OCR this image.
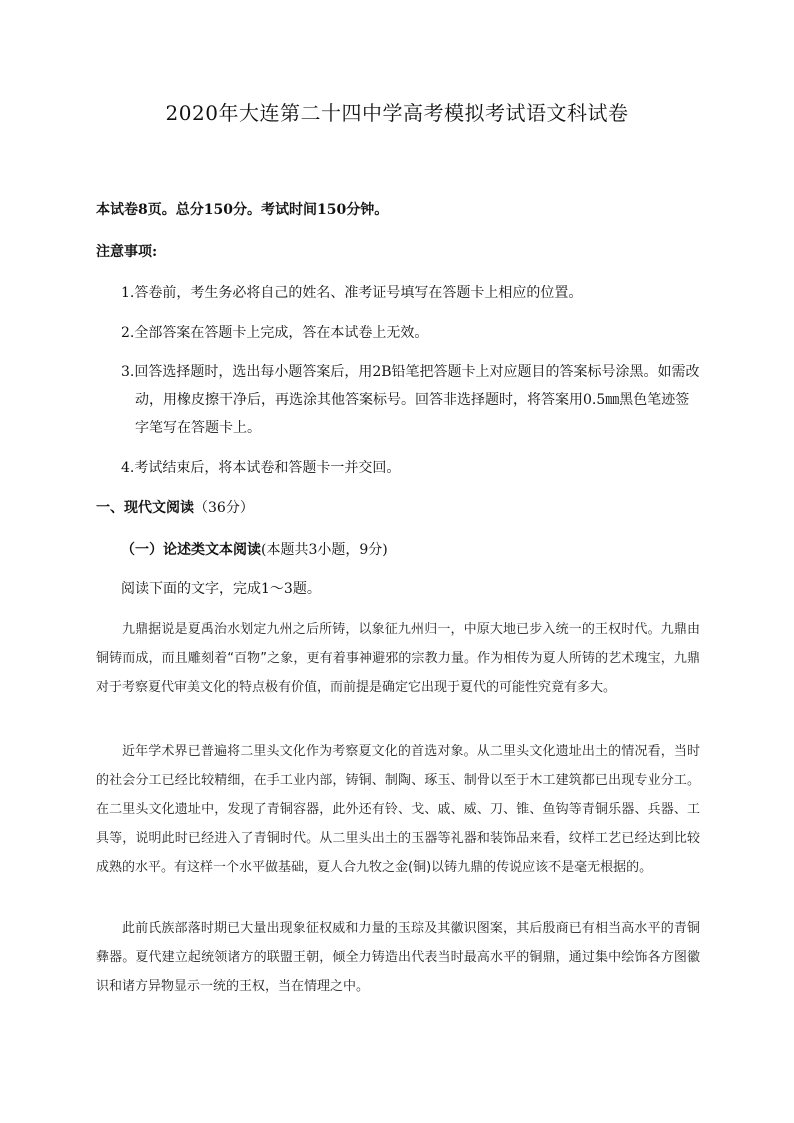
2020年大连第二十四中学高考模拟考试语文科试卷
本试卷8页。总分150分。考试时间150分钟。
注意事项:
1.答卷前，考生务必将自己的姓名、准考证号填写在答题卡上相应的位置。
2.全部答案在答题卡上完成，答在本试卷上无效。
3.回答选择题时，选出每小题答案后，用2B铅笔把答题卡上对应题目的答案标号涂黑。如需改
动，用橡皮擦干净后，再选涂其他答案标号。回答非选择题时，将答案用0.5㎜黑色笔迹签
字笔写在答题卡上。
4.考试结束后，将本试卷和答题卡一并交回。
一、现代文阅读（36分）
（一）论述类文本阅读(本题共3小题，9分)
阅读下面的文字，完成1～3题。

九鼎据说是夏禹治水划定九州之后所铸，以象征九州归一，中原大地已步入统一的王权时代。九鼎由铜铸而成，而且雕刻着“百物”之象，更有着事神避邪的宗教力量。作为相传为夏人所铸的艺术瑰宝，九鼎对于考察夏代审美文化的特点极有价值，而前提是确定它出现于夏代的可能性究竟有多大。

近年学术界已普遍将二里头文化作为考察夏文化的首选对象。从二里头文化遗址出土的情况看，当时的社会分工已经比较精细，在手工业内部，铸铜、制陶、琢玉、制骨以至于木工建筑都已出现专业分工。在二里头文化遗址中，发现了青铜容器，此外还有铃、戈、戚、威、刀、锥、鱼钩等青铜乐器、兵器、工具等，说明此时已经进入了青铜时代。从二里头出土的玉器等礼器和装饰品来看，纹样工艺已经达到比较成熟的水平。有这样一个水平做基础，夏人合九牧之金(铜)以铸九鼎的传说应该不是毫无根据的。

此前氏族部落时期已大量出现象征权威和力量的玉琮及其徽识图案，其后殷商已有相当高水平的青铜彝器。夏代建立起统领诸方的联盟王朝，倾全力铸造出代表当时最高水平的铜鼎，通过集中绘饰各方图徽识和诸方异物显示一统的王权，当在情理之中。
